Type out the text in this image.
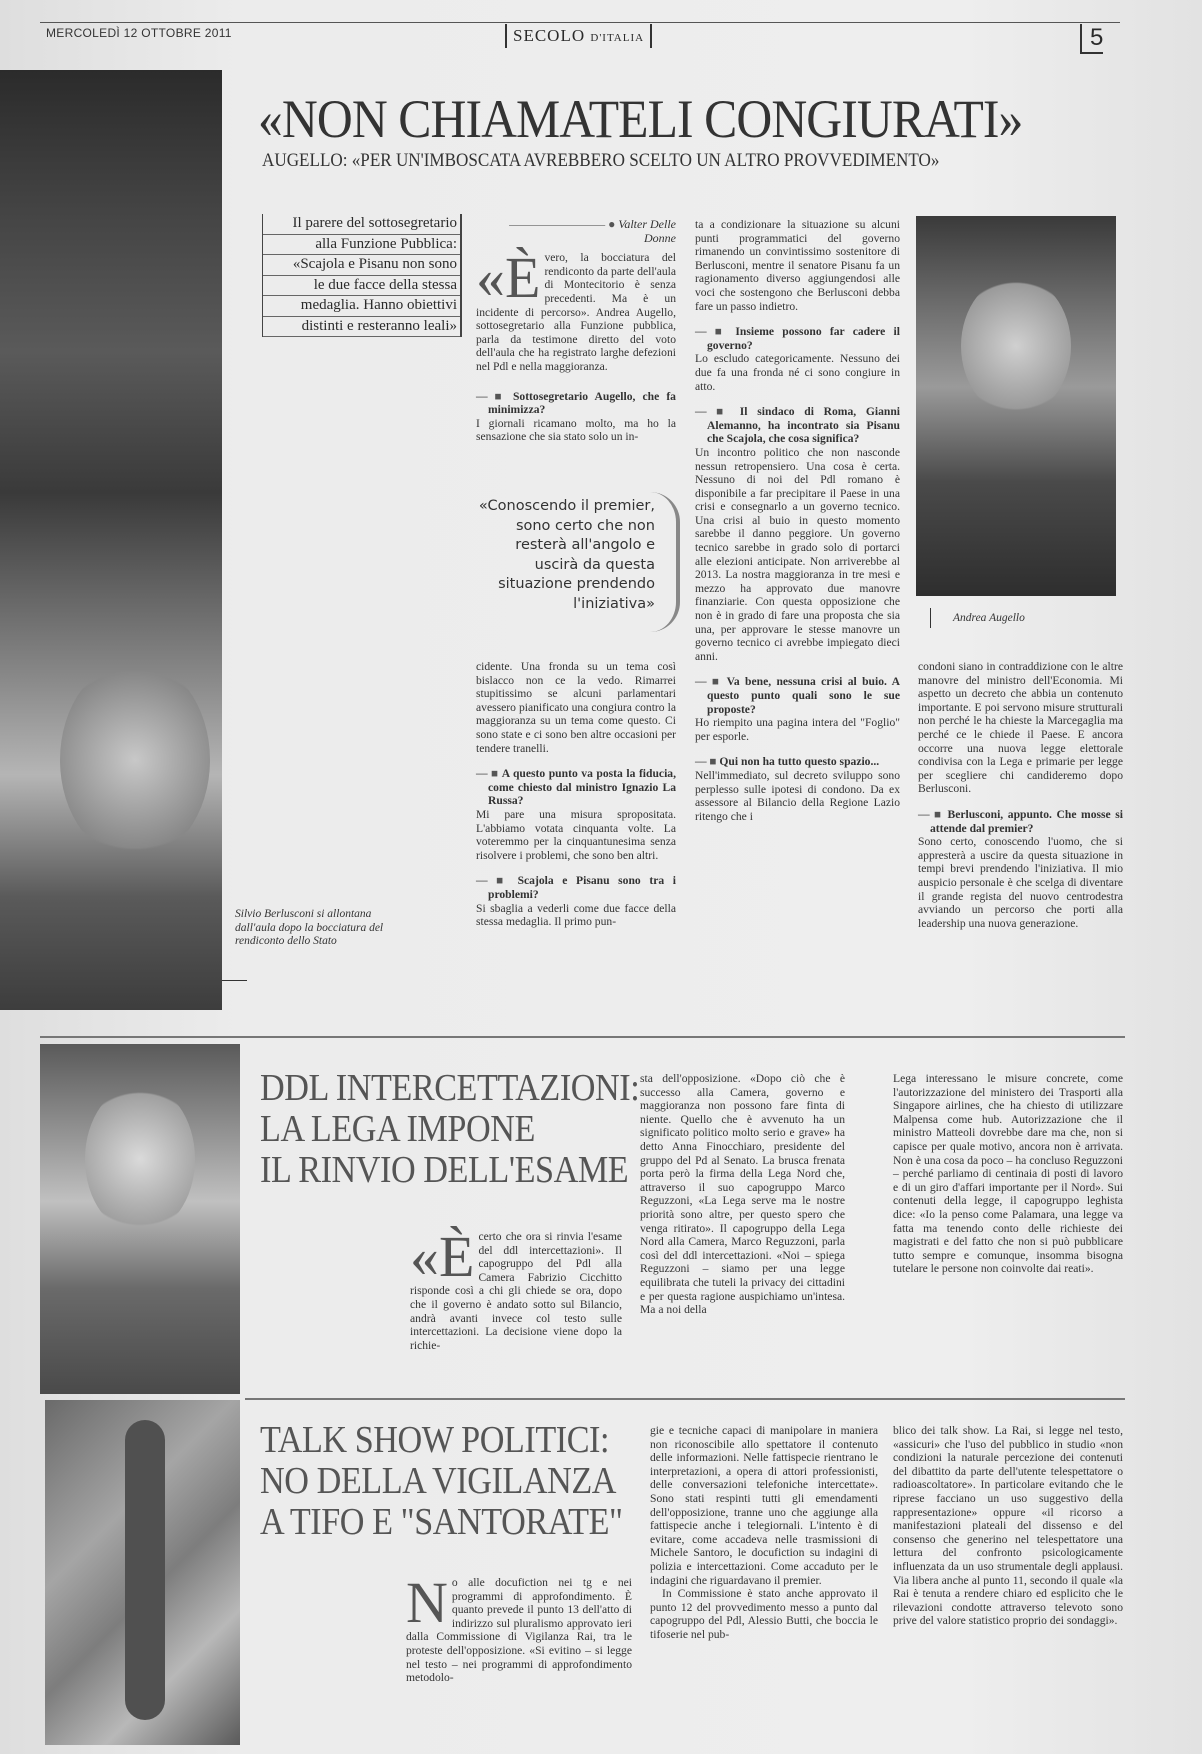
MERCOLEDÌ 12 OTTOBRE 2011	SECOLO D'ITALIA	5
Silvio Berlusconi si allontana dall'aula dopo la bocciatura del rendiconto dello Stato
«NON CHIAMATELI CONGIURATI»
AUGELLO: «PER UN'IMBOSCATA AVREBBERO SCELTO UN ALTRO PROVVEDIMENTO»
Il parere del sottosegretario
alla Funzione Pubblica:
«Scajola e Pisanu non sono
le due facce della stessa
medaglia. Hanno obiettivi
distinti e resteranno leali»
———————— ● Valter Delle Donne

«Èvero, la bocciatura del rendiconto da parte dell'aula di Montecitorio è senza precedenti. Ma è un incidente di percorso». Andrea Augello, sottosegretario alla Funzione pubblica, parla da testimone diretto del voto dell'aula che ha registrato larghe defezioni nel Pdl e nella maggioranza.

— ■ Sottosegretario Augello, che fa minimizza?

I giornali ricamano molto, ma ho la sensazione che sia stato solo un in-

«Conoscendo il premier, sono certo che non resterà all'angolo e uscirà da questa situazione prendendo l'iniziativa»

ta a condizionare la situazione su alcuni punti programmatici del governo rimanendo un convintissimo sostenitore di Berlusconi, mentre il senatore Pisanu fa un ragionamento diverso aggiungendosi alle voci che sostengono che Berlusconi debba fare un passo indietro.

— ■ Insieme possono far cadere il governo?

Lo escludo categoricamente. Nessuno dei due fa una fronda né ci sono congiure in atto.

— ■ Il sindaco di Roma, Gianni Alemanno, ha incontrato sia Pisanu che Scajola, che cosa significa?

Un incontro politico che non nasconde nessun retropensiero. Una cosa è certa. Nessuno di noi del Pdl romano è disponibile a far precipitare il Paese in una crisi e consegnarlo a un governo tecnico. Una crisi al buio in questo momento sarebbe il danno peggiore. Un governo tecnico sarebbe in grado solo di portarci alle elezioni anticipate. Non arriverebbe al 2013. La nostra maggioranza in tre mesi e mezzo ha approvato due manovre finanziarie. Con questa opposizione che non è in grado di fare una proposta che sia una, per approvare le stesse manovre un governo tecnico ci avrebbe impiegato dieci anni.

— ■ Va bene, nessuna crisi al buio. A questo punto quali sono le sue proposte?

Ho riempito una pagina intera del "Foglio" per esporle.

— ■ Qui non ha tutto questo spazio...

Nell'immediato, sul decreto sviluppo sono perplesso sulle ipotesi di condono. Da ex assessore al Bilancio della Regione Lazio ritengo che i

Andrea Augello

cidente. Una fronda su un tema così bislacco non ce la vedo. Rimarrei stupitissimo se alcuni parlamentari avessero pianificato una congiura contro la maggioranza su un tema come questo. Ci sono state e ci sono ben altre occasioni per tendere tranelli.

— ■ A questo punto va posta la fiducia, come chiesto dal ministro Ignazio La Russa?

Mi pare una misura spropositata. L'abbiamo votata cinquanta volte. La voteremmo per la cinquantunesima senza risolvere i problemi, che sono ben altri.

— ■ Scajola e Pisanu sono tra i problemi?

Si sbaglia a vederli come due facce della stessa medaglia. Il primo pun-

condoni siano in contraddizione con le altre manovre del ministro dell'Economia. Mi aspetto un decreto che abbia un contenuto importante. E poi servono misure strutturali non perché le ha chieste la Marcegaglia ma perché ce le chiede il Paese. E ancora occorre una nuova legge elettorale condivisa con la Lega e primarie per legge per scegliere chi candideremo dopo Berlusconi.

— ■ Berlusconi, appunto. Che mosse si attende dal premier?

Sono certo, conoscendo l'uomo, che si appresterà a uscire da questa situazione in tempi brevi prendendo l'iniziativa. Il mio auspicio personale è che scelga di diventare il grande regista del nuovo centrodestra avviando un percorso che porti alla leadership una nuova generazione.

DDL INTERCETTAZIONI:
LA LEGA IMPONE
IL RINVIO DELL'ESAME

«Ècerto che ora si rinvia l'esame del ddl intercettazioni». Il capogruppo del Pdl alla Camera Fabrizio Cicchitto risponde così a chi gli chiede se ora, dopo che il governo è andato sotto sul Bilancio, andrà avanti invece col testo sulle intercettazioni. La decisione viene dopo la richie-

sta dell'opposizione. «Dopo ciò che è successo alla Camera, governo e maggioranza non possono fare finta di niente. Quello che è avvenuto ha un significato politico molto serio e grave» ha detto Anna Finocchiaro, presidente del gruppo del Pd al Senato. La brusca frenata porta però la firma della Lega Nord che, attraverso il suo capogruppo Marco Reguzzoni, «La Lega serve ma le nostre priorità sono altre, per questo spero che venga ritirato». Il capogruppo della Lega Nord alla Camera, Marco Reguzzoni, parla così del ddl intercettazioni. «Noi – spiega Reguzzoni – siamo per una legge equilibrata che tuteli la privacy dei cittadini e per questa ragione auspichiamo un'intesa. Ma a noi della

Lega interessano le misure concrete, come l'autorizzazione del ministero dei Trasporti alla Singapore airlines, che ha chiesto di utilizzare Malpensa come hub. Autorizzazione che il ministro Matteoli dovrebbe dare ma che, non si capisce per quale motivo, ancora non è arrivata. Non è una cosa da poco – ha concluso Reguzzoni – perché parliamo di centinaia di posti di lavoro e di un giro d'affari importante per il Nord». Sui contenuti della legge, il capogruppo leghista dice: «Io la penso come Palamara, una legge va fatta ma tenendo conto delle richieste dei magistrati e del fatto che non si può pubblicare tutto sempre e comunque, insomma bisogna tutelare le persone non coinvolte dai reati».

TALK SHOW POLITICI:
NO DELLA VIGILANZA
A TIFO E "SANTORATE"

No alle docufiction nei tg e nei programmi di approfondimento. È quanto prevede il punto 13 dell'atto di indirizzo sul pluralismo approvato ieri dalla Commissione di Vigilanza Rai, tra le proteste dell'opposizione. «Si evitino – si legge nel testo – nei programmi di approfondimento metodolo-

gie e tecniche capaci di manipolare in maniera non riconoscibile allo spettatore il contenuto delle informazioni. Nelle fattispecie rientrano le interpretazioni, a opera di attori professionisti, delle conversazioni telefoniche intercettate». Sono stati respinti tutti gli emendamenti dell'opposizione, tranne uno che aggiunge alla fattispecie anche i telegiornali. L'intento è di evitare, come accadeva nelle trasmissioni di Michele Santoro, le docufiction su indagini di polizia e intercettazioni. Come accaduto per le indagini che riguardavano il premier.

In Commissione è stato anche approvato il punto 12 del provvedimento messo a punto dal capogruppo del Pdl, Alessio Butti, che boccia le tifoserie nel pub-

blico dei talk show. La Rai, si legge nel testo, «assicuri» che l'uso del pubblico in studio «non condizioni la naturale percezione dei contenuti del dibattito da parte dell'utente telespettatore o radioascoltatore». In particolare evitando che le riprese facciano un uso suggestivo della rappresentazione» oppure «il ricorso a manifestazioni plateali del dissenso e del consenso che generino nel telespettatore una lettura del confronto psicologicamente influenzata da un uso strumentale degli applausi. Via libera anche al punto 11, secondo il quale «la Rai è tenuta a rendere chiaro ed esplicito che le rilevazioni condotte attraverso televoto sono prive del valore statistico proprio dei sondaggi».
